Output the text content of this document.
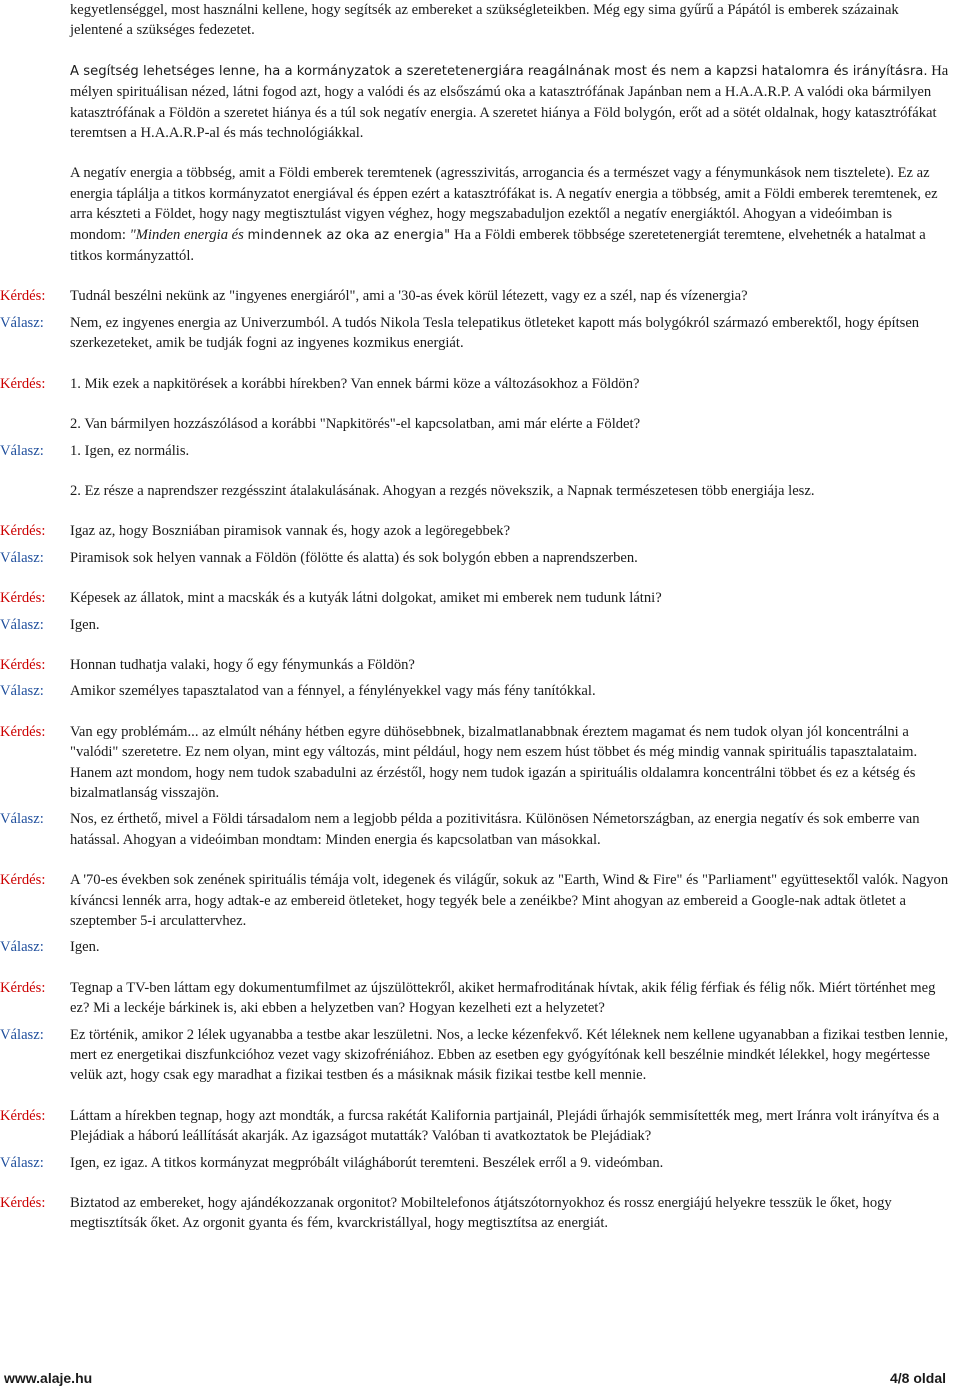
kegyetlenséggel, most használni kellene, hogy segítsék az embereket a szükségleteikben. Még egy sima gyűrű a Pápától is emberek százainak jelentené a szükséges fedezetet.

A segítség lehetséges lenne, ha a kormányzatok a szeretetenergiára reagálnának most és nem a kapzsi hatalomra és irányításra. Ha mélyen spirituálisan nézed, látni fogod azt, hogy a valódi és az elsőszámú oka a katasztrófának Japánban nem a H.A.A.R.P. A valódi oka bármilyen katasztrófának a Földön a szeretet hiánya és a túl sok negatív energia. A szeretet hiánya a Föld bolygón, erőt ad a sötét oldalnak, hogy katasztrófákat teremtsen a H.A.A.R.P-al és más technológiákkal.

A negatív energia a többség, amit a Földi emberek teremtenek (agresszivitás, arrogancia és a természet vagy a fénymunkások nem tisztelete). Ez az energia táplálja a titkos kormányzatot energiával és éppen ezért a katasztrófákat is. A negatív energia a többség, amit a Földi emberek teremtenek, ez arra készteti a Földet, hogy nagy megtisztulást vigyen véghez, hogy megszabaduljon ezektől a negatív energiáktól. Ahogyan a videóimban is mondom: "Minden energia és mindennek az oka az energia" Ha a Földi emberek többsége szeretetenergiát teremtene, elvehetnék a hatalmat a titkos kormányzattól.

Kérdés:	Tudnál beszélni nekünk az "ingyenes energiáról", ami a '30-as évek körül létezett, vagy ez a szél, nap és vízenergia?

Válasz:	Nem, ez ingyenes energia az Univerzumból. A tudós Nikola Tesla telepatikus ötleteket kapott más bolygókról származó emberektől, hogy építsen szerkezeteket, amik be tudják fogni az ingyenes kozmikus energiát.

Kérdés:	1. Mik ezek a napkitörések a korábbi hírekben? Van ennek bármi köze a változásokhoz a Földön?

2. Van bármilyen hozzászólásod a korábbi "Napkitörés"-el kapcsolatban, ami már elérte a Földet?

Válasz:	1. Igen, ez normális.

2. Ez része a naprendszer rezgésszint átalakulásának. Ahogyan a rezgés növekszik, a Napnak természetesen több energiája lesz.

Kérdés:	Igaz az, hogy Boszniában piramisok vannak és, hogy azok a legöregebbek?

Válasz:	Piramisok sok helyen vannak a Földön (fölötte és alatta) és sok bolygón ebben a naprendszerben.

Kérdés:	Képesek az állatok, mint a macskák és a kutyák látni dolgokat, amiket mi emberek nem tudunk látni?

Válasz:	Igen.

Kérdés:	Honnan tudhatja valaki, hogy ő egy fénymunkás a Földön?

Válasz:	Amikor személyes tapasztalatod van a fénnyel, a fénylényekkel vagy más fény tanítókkal.

Kérdés:	Van egy problémám... az elmúlt néhány hétben egyre dühösebbnek, bizalmatlanabbnak éreztem magamat és nem tudok olyan jól koncentrálni a "valódi" szeretetre. Ez nem olyan, mint egy változás, mint például, hogy nem eszem húst többet és még mindig vannak spirituális tapasztalataim. Hanem azt mondom, hogy nem tudok szabadulni az érzéstől, hogy nem tudok igazán a spirituális oldalamra koncentrálni többet és ez a kétség és bizalmatlanság visszajön.

Válasz:	Nos, ez érthető, mivel a Földi társadalom nem a legjobb példa a pozitivitásra. Különösen Németországban, az energia negatív és sok emberre van hatással. Ahogyan a videóimban mondtam: Minden energia és kapcsolatban van másokkal.

Kérdés:	A '70-es években sok zenének spirituális témája volt, idegenek és világűr, sokuk az "Earth, Wind & Fire" és "Parliament" együttesektől valók. Nagyon kíváncsi lennék arra, hogy adtak-e az embereid ötleteket, hogy tegyék bele a zenéikbe? Mint ahogyan az embereid a Google-nak adtak ötletet a szeptember 5-i arculattervhez.

Válasz:	Igen.

Kérdés:	Tegnap a TV-ben láttam egy dokumentumfilmet az újszülöttekről, akiket hermafroditának hívtak, akik félig férfiak és félig nők. Miért történhet meg ez? Mi a leckéje bárkinek is, aki ebben a helyzetben van? Hogyan kezelheti ezt a helyzetet?

Válasz:	Ez történik, amikor 2 lélek ugyanabba a testbe akar leszületni. Nos, a lecke kézenfekvő. Két léleknek nem kellene ugyanabban a fizikai testben lennie, mert ez energetikai diszfunkcióhoz vezet vagy skizofréniához. Ebben az esetben egy gyógyítónak kell beszélnie mindkét lélekkel, hogy megértesse velük azt, hogy csak egy maradhat a fizikai testben és a másiknak másik fizikai testbe kell mennie.

Kérdés:	Láttam a hírekben tegnap, hogy azt mondták, a furcsa rakétát Kalifornia partjainál, Plejádi űrhajók semmisítették meg, mert Iránra volt irányítva és a Plejádiak a háború leállítását akarják. Az igazságot mutatták? Valóban ti avatkoztatok be Plejádiak?

Válasz:	Igen, ez igaz. A titkos kormányzat megpróbált világháborút teremteni. Beszélek erről a 9. videómban.

Kérdés:	Biztatod az embereket, hogy ajándékozzanak orgonitot? Mobiltelefonos átjátszótornyokhoz és rossz energiájú helyekre tesszük le őket, hogy megtisztítsák őket. Az orgonit gyanta és fém, kvarckristállyal, hogy megtisztítsa az energiát.

www.alaje.hu	4/8 oldal
